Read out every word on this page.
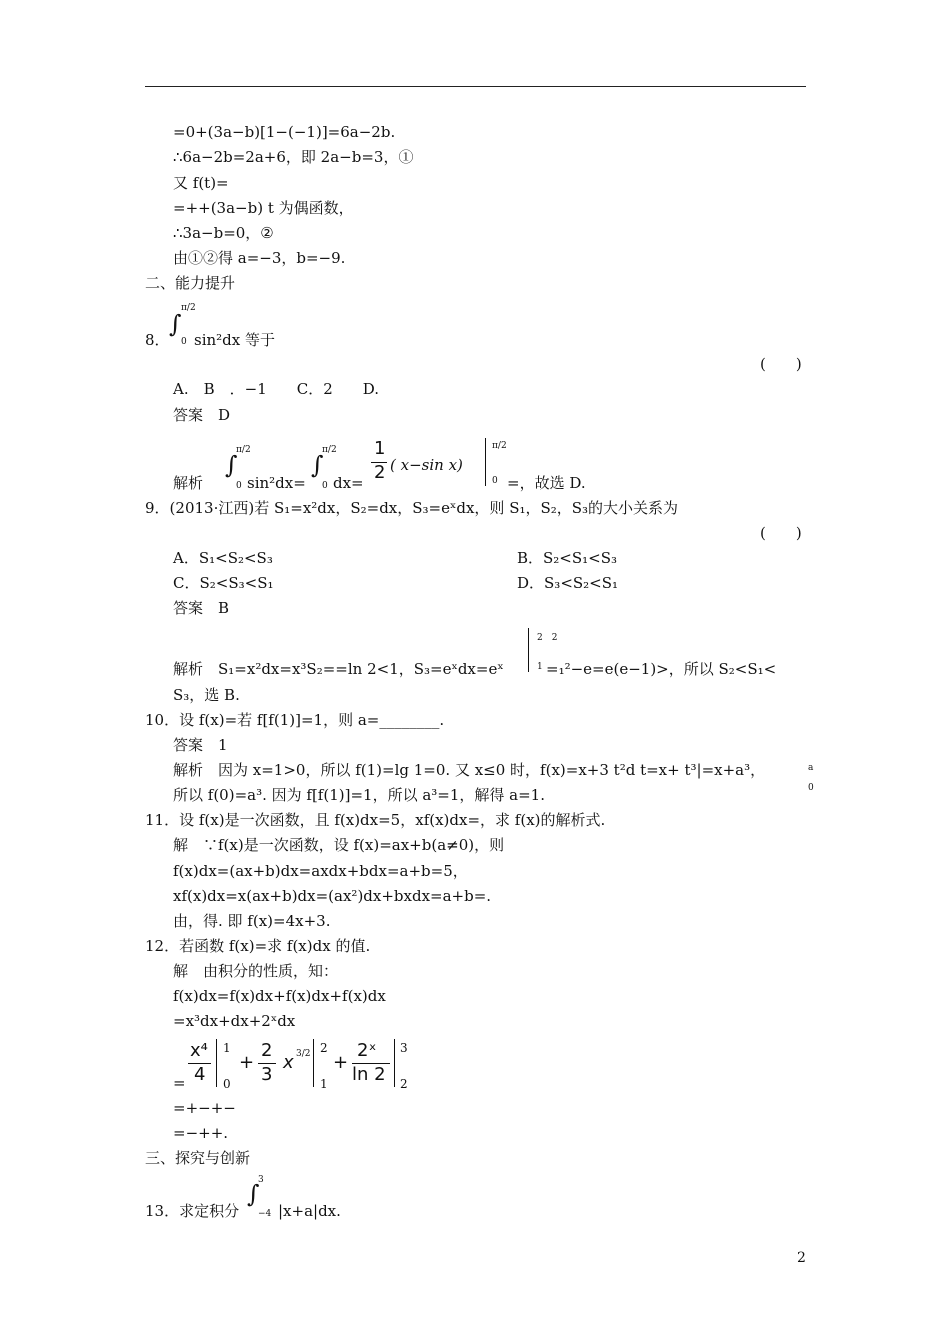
=0+(3a−b)[1−(−1)]=6a−2b.
∴6a−2b=2a+6，即 2a−b=3，①
又 f(t)=
=++(3a−b) t 为偶函数，
∴3a−b=0，②
由①②得 a=−3，b=−9.
二、能力提升
8．
∫
π/2
0 sin²dx 等于
(　　)
A.　B　．−1　　C．2　　D.
答案　D
解析
∫
π/2
0 sin²dx=
∫
π/2
0 dx=
1
2 ( x−sin x)
π/2
0 =，故选 D.
9．(2013·江西)若 S₁=x²dx，S₂=dx，S₃=eˣdx，则 S₁，S₂，S₃的大小关系为
(　　)
A．S₁<S₂<S₃	B．S₂<S₁<S₃
C．S₂<S₃<S₁	D．S₃<S₂<S₁
答案　B
2　2
解析　S₁=x²dx=x³S₂==ln 2<1，S₃=eˣdx=eˣ	1 =₁²−e=e(e−1)>，所以 S₂<S₁<
S₃，选 B.
10．设 f(x)=若 f[f(1)]=1，则 a=________.
答案　1
解析　因为 x=1>0，所以 f(1)=lg 1=0. 又 x≤0 时，f(x)=x+3 t²d t=x+ t³|=x+a³，	a
0
所以 f(0)=a³. 因为 f[f(1)]=1，所以 a³=1，解得 a=1.
11．设 f(x)是一次函数，且 f(x)dx=5，xf(x)dx=，求 f(x)的解析式.
解　∵f(x)是一次函数，设 f(x)=ax+b(a≠0)，则
f(x)dx=(ax+b)dx=axdx+bdx=a+b=5，
xf(x)dx=x(ax+b)dx=(ax²)dx+bxdx=a+b=.
由，得. 即 f(x)=4x+3.
12．若函数 f(x)=求 f(x)dx 的值.
解　由积分的性质，知：
f(x)dx=f(x)dx+f(x)dx+f(x)dx
=x³dx+dx+2ˣdx
=
x⁴
4
1
0
+
2
3
x 3/2 2
1
+
2ˣ
ln 2
3
2
=+−+−
=−++.
三、探究与创新
13．求定积分
∫
3
−4 |x+a|dx.
2
